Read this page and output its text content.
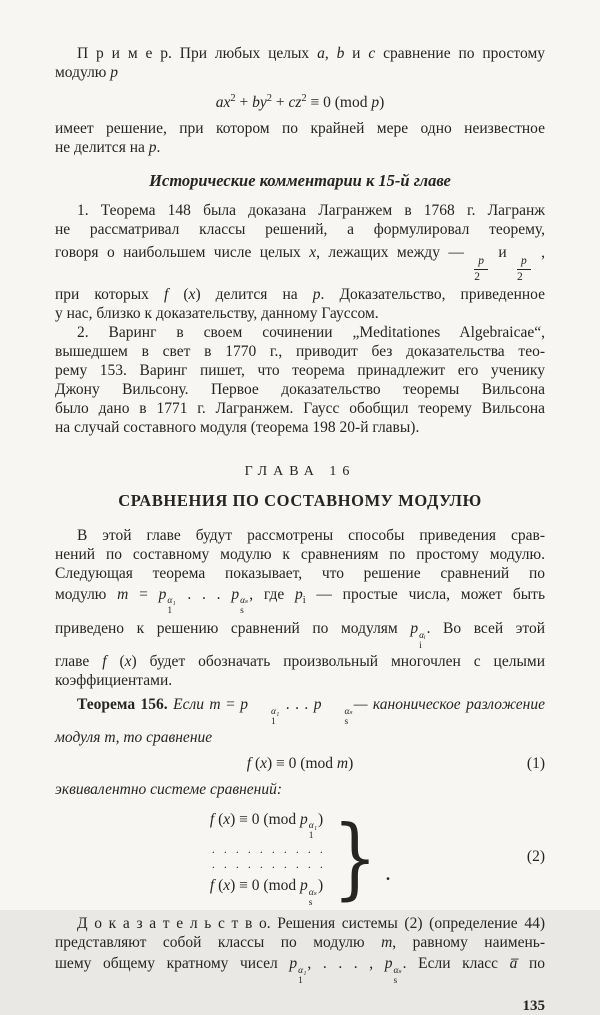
П р и м е р. При любых целых a, b и c сравнение по простому
модулю p
$ax^2 + by^2 + cz^2 \equiv 0$ (mod p)
имеет решение, при котором по крайней мере одно неизвестное
не делится на p.
Исторические комментарии к 15-й главе
1. Теорема 148 была доказана Лагранжем в 1768 г. Лагранж
не рассматривал классы решений, а формулировал теорему,
говоря о наибольшем числе целых x, лежащих между —
$\frac{p}{2}$
и
$\frac{p}{2}$
,
при которых f (x) делится на p. Доказательство, приведенное
у нас, близко к доказательству, данному Гауссом.
2. Варинг в своем сочинении „Meditationes Algebraicae“,
вышедшем в свет в 1770 г., приводит без доказательства тео-
рему 153. Варинг пишет, что теорема принадлежит его ученику
Джону Вильсону. Первое доказательство теоремы Вильсона
было дано в 1771 г. Лагранжем. Гаусс обобщил теорему Вильсона
на случай составного модуля (теорема 198 20-й главы).
ГЛАВА 16
СРАВНЕНИЯ ПО СОСТАВНОМУ МОДУЛЮ
В этой главе будут рассмотрены способы приведения срав-
нений по составному модулю к сравнениям по простому модулю.
Следующая теорема показывает, что решение сравнений по
модулю m = p α₁
1
. . . p αₛ
s
, где $p_i$ — простые числа, может быть
приведено к решению сравнений по модулям p αᵢ
i
. Во всей этой
главе f (x) будет обозначать произвольный многочлен с целыми
коэффициентами.
Теорема 156. Если m = p	α₁
1
. . . p	αₛ
s
— каноническое разложение
модуля m, то сравнение
f (x) ≡ 0 (mod m)	(1)
эквивалентно системе сравнений:
f (x) ≡ 0 (mod p α₁
1
)
. . . . . . . . . .
. . . . . . . . . .
f (x) ≡ 0 (mod p αₛ
s
) } .
(2)
Д о к а з а т е л ь с т в о. Решения системы (2) (определение 44)
представляют собой классы по модулю m, равному наимень-
шему общему кратному чисел p α₁
1
, . . . , p αₛ
s
. Если класс a̅ по
135
